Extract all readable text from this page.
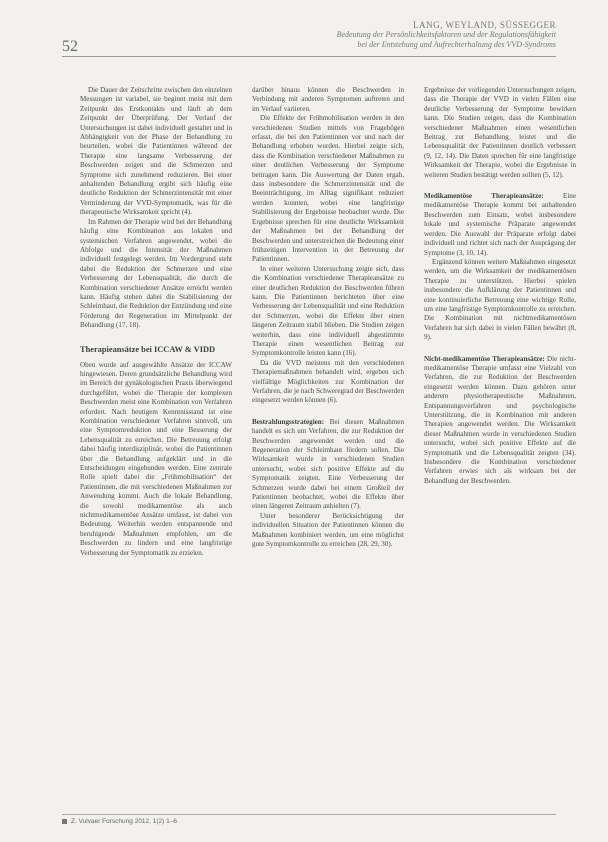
52
LANG, WEYLAND, SÜSSEGGER
Bedeutung der Persönlichkeitsfaktoren und der Regulationsfähigkeit
bei der Entstehung und Aufrechterhaltung des VVD-Syndroms

Die Dauer der Zeitschritte zwischen den einzelnen Messungen ist variabel, sie beginnt meist mit dem Zeitpunkt des Erstkontakts und läuft ab dem Zeitpunkt der Überprüfung. Der Verlauf der Untersuchungen ist dabei individuell gestaltet und in Abhängigkeit von der Phase der Behandlung zu beurteilen, wobei die Patientinnen während der Therapie eine langsame Verbesserung der Beschwerden zeigen und die Schmerzen und Symptome sich zunehmend reduzieren. Bei einer anhaltenden Behandlung ergibt sich häufig eine deutliche Reduktion der Schmerzintensität mit einer Verminderung der VVD-Symptomatik, was für die therapeutische Wirksamkeit spricht (4).

Im Rahmen der Therapie wird bei der Behandlung häufig eine Kombination aus lokalen und systemischen Verfahren angewendet, wobei die Abfolge und die Intensität der Maßnahmen individuell festgelegt werden. Im Vordergrund steht dabei die Reduktion der Schmerzen und eine Verbesserung der Lebensqualität, die durch die Kombination verschiedener Ansätze erreicht werden kann. Häufig stehen dabei die Stabilisierung der Schleimhaut, die Reduktion der Entzündung und eine Förderung der Regeneration im Mittelpunkt der Behandlung (17, 18).

Therapieansätze bei ICCAW & VIDD

Oben wurde auf ausgewählte Ansätze der ICCAW hingewiesen. Deren grundsätzliche Behandlung wird im Bereich der gynäkologischen Praxis überwiegend durchgeführt, wobei die Therapie der komplexen Beschwerden meist eine Kombination von Verfahren erfordert. Nach heutigem Kenntnisstand ist eine Kombination verschiedener Verfahren sinnvoll, um eine Symptomreduktion und eine Besserung der Lebensqualität zu erreichen. Die Betreuung erfolgt dabei häufig interdisziplinär, wobei die Patientinnen über die Behandlung aufgeklärt und in die Entscheidungen eingebunden werden. Eine zentrale Rolle spielt dabei die „Frühmobilisation“ der Patientinnen, die mit verschiedenen Maßnahmen zur Anwendung kommt. Auch die lokale Behandlung, die sowohl medikamentöse als auch nichtmedikamentöse Ansätze umfasst, ist dabei von Bedeutung. Weiterhin werden entspannende und beruhigende Maßnahmen empfohlen, um die Beschwerden zu lindern und eine langfristige Verbesserung der Symptomatik zu erzielen.

darüber hinaus können die Beschwerden in Verbindung mit anderen Symptomen auftreten und im Verlauf variieren.

Die Effekte der Frühmobilisation werden in den verschiedenen Studien mittels von Fragebögen erfasst, die bei den Patientinnen vor und nach der Behandlung erhoben wurden. Hierbei zeigte sich, dass die Kombination verschiedener Maßnahmen zu einer deutlichen Verbesserung der Symptome beitragen kann. Die Auswertung der Daten ergab, dass insbesondere die Schmerzintensität und die Beeinträchtigung im Alltag signifikant reduziert werden konnten, wobei eine langfristige Stabilisierung der Ergebnisse beobachtet wurde. Die Ergebnisse sprechen für eine deutliche Wirksamkeit der Maßnahmen bei der Behandlung der Beschwerden und unterstreichen die Bedeutung einer frühzeitigen Intervention in der Betreuung der Patientinnen.

In einer weiteren Untersuchung zeigte sich, dass die Kombination verschiedener Therapieansätze zu einer deutlichen Reduktion der Beschwerden führen kann. Die Patientinnen berichteten über eine Verbesserung der Lebensqualität und eine Reduktion der Schmerzen, wobei die Effekte über einen längeren Zeitraum stabil blieben. Die Studien zeigen weiterhin, dass eine individuell abgestimmte Therapie einen wesentlichen Beitrag zur Symptomkontrolle leisten kann (16).

Da die VVD meistens mit den verschiedenen Therapiemaßnahmen behandelt wird, ergeben sich vielfältige Möglichkeiten zur Kombination der Verfahren, die je nach Schweregrad der Beschwerden eingesetzt werden können (6).

Bestrahlungsstrategien: Bei diesen Maßnahmen handelt es sich um Verfahren, die zur Reduktion der Beschwerden angewendet werden und die Regeneration der Schleimhaut fördern sollen. Die Wirksamkeit wurde in verschiedenen Studien untersucht, wobei sich positive Effekte auf die Symptomatik zeigten. Eine Verbesserung der Schmerzen wurde dabei bei einem Großteil der Patientinnen beobachtet, wobei die Effekte über einen längeren Zeitraum anhielten (7).

Unter besonderer Berücksichtigung der individuellen Situation der Patientinnen können die Maßnahmen kombiniert werden, um eine möglichst gute Symptomkontrolle zu erreichen (28, 29, 30).

Ergebnisse der vorliegenden Untersuchungen zeigen, dass die Therapie der VVD in vielen Fällen eine deutliche Verbesserung der Symptome bewirken kann. Die Studien zeigen, dass die Kombination verschiedener Maßnahmen einen wesentlichen Beitrag zur Behandlung leistet und die Lebensqualität der Patientinnen deutlich verbessert (9, 12, 14). Die Daten sprechen für eine langfristige Wirksamkeit der Therapie, wobei die Ergebnisse in weiteren Studien bestätigt werden sollten (5, 12).

Medikamentöse Therapieansätze:	Eine medikamentöse Therapie kommt bei anhaltenden Beschwerden zum Einsatz, wobei insbesondere lokale und systemische Präparate angewendet werden. Die Auswahl der Präparate erfolgt dabei individuell und richtet sich nach der Ausprägung der Symptome (3, 10, 14).

Ergänzend können weitere Maßnahmen eingesetzt werden, um die Wirksamkeit der medikamentösen Therapie zu unterstützen. Hierbei spielen insbesondere die Aufklärung der Patientinnen und eine kontinuierliche Betreuung eine wichtige Rolle, um eine langfristige Symptomkontrolle zu erreichen. Die Kombination mit nichtmedikamentösen Verfahren hat sich dabei in vielen Fällen bewährt (8, 9).

Nicht-medikamentöse Therapieansätze: Die nicht-medikamentöse Therapie umfasst eine Vielzahl von Verfahren, die zur Reduktion der Beschwerden eingesetzt werden können. Dazu gehören unter anderem physiotherapeutische Maßnahmen, Entspannungsverfahren und psychologische Unterstützung, die in Kombination mit anderen Therapien angewendet werden. Die Wirksamkeit dieser Maßnahmen wurde in verschiedenen Studien untersucht, wobei sich positive Effekte auf die Symptomatik und die Lebensqualität zeigten (34). Insbesondere die Kombination verschiedener Verfahren erwies sich als wirksam bei der Behandlung der Beschwerden.

Z. Vulvaer Forschung 2012, 1(2) 1–6
